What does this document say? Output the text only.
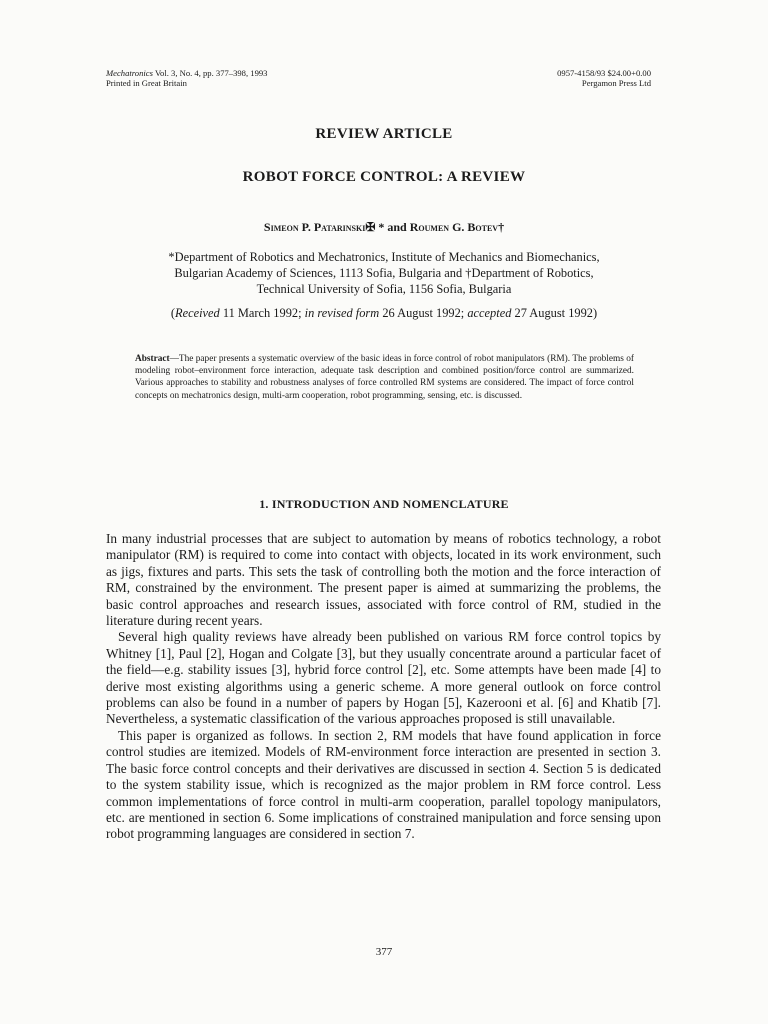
Mechatronics Vol. 3, No. 4, pp. 377–398, 1993
Printed in Great Britain
0957-4158/93 $24.00+0.00
Pergamon Press Ltd
REVIEW ARTICLE
ROBOT FORCE CONTROL: A REVIEW
Simeon P. Patarinski✠ * and Roumen G. Botev†
*Department of Robotics and Mechatronics, Institute of Mechanics and Biomechanics,
Bulgarian Academy of Sciences, 1113 Sofia, Bulgaria and †Department of Robotics,
Technical University of Sofia, 1156 Sofia, Bulgaria
(Received 11 March 1992; in revised form 26 August 1992; accepted 27 August 1992)
Abstract—The paper presents a systematic overview of the basic ideas in force control of robot manipulators (RM). The problems of modeling robot–environment force interaction, adequate task description and combined position/force control are summarized. Various approaches to stability and robustness analyses of force controlled RM systems are considered. The impact of force control concepts on mechatronics design, multi-arm cooperation, robot programming, sensing, etc. is discussed.
1. INTRODUCTION AND NOMENCLATURE

In many industrial processes that are subject to automation by means of robotics technology, a robot manipulator (RM) is required to come into contact with objects, located in its work environment, such as jigs, fixtures and parts. This sets the task of controlling both the motion and the force interaction of RM, constrained by the environment. The present paper is aimed at summarizing the problems, the basic control approaches and research issues, associated with force control of RM, studied in the literature during recent years.

Several high quality reviews have already been published on various RM force control topics by Whitney [1], Paul [2], Hogan and Colgate [3], but they usually concentrate around a particular facet of the field—e.g. stability issues [3], hybrid force control [2], etc. Some attempts have been made [4] to derive most existing algorithms using a generic scheme. A more general outlook on force control problems can also be found in a number of papers by Hogan [5], Kazerooni et al. [6] and Khatib [7]. Nevertheless, a systematic classification of the various approaches proposed is still unavailable.

This paper is organized as follows. In section 2, RM models that have found application in force control studies are itemized. Models of RM-environment force interaction are presented in section 3. The basic force control concepts and their derivatives are discussed in section 4. Section 5 is dedicated to the system stability issue, which is recognized as the major problem in RM force control. Less common implementations of force control in multi-arm cooperation, parallel topology manipulators, etc. are mentioned in section 6. Some implications of constrained manipulation and force sensing upon robot programming languages are considered in section 7.

377
